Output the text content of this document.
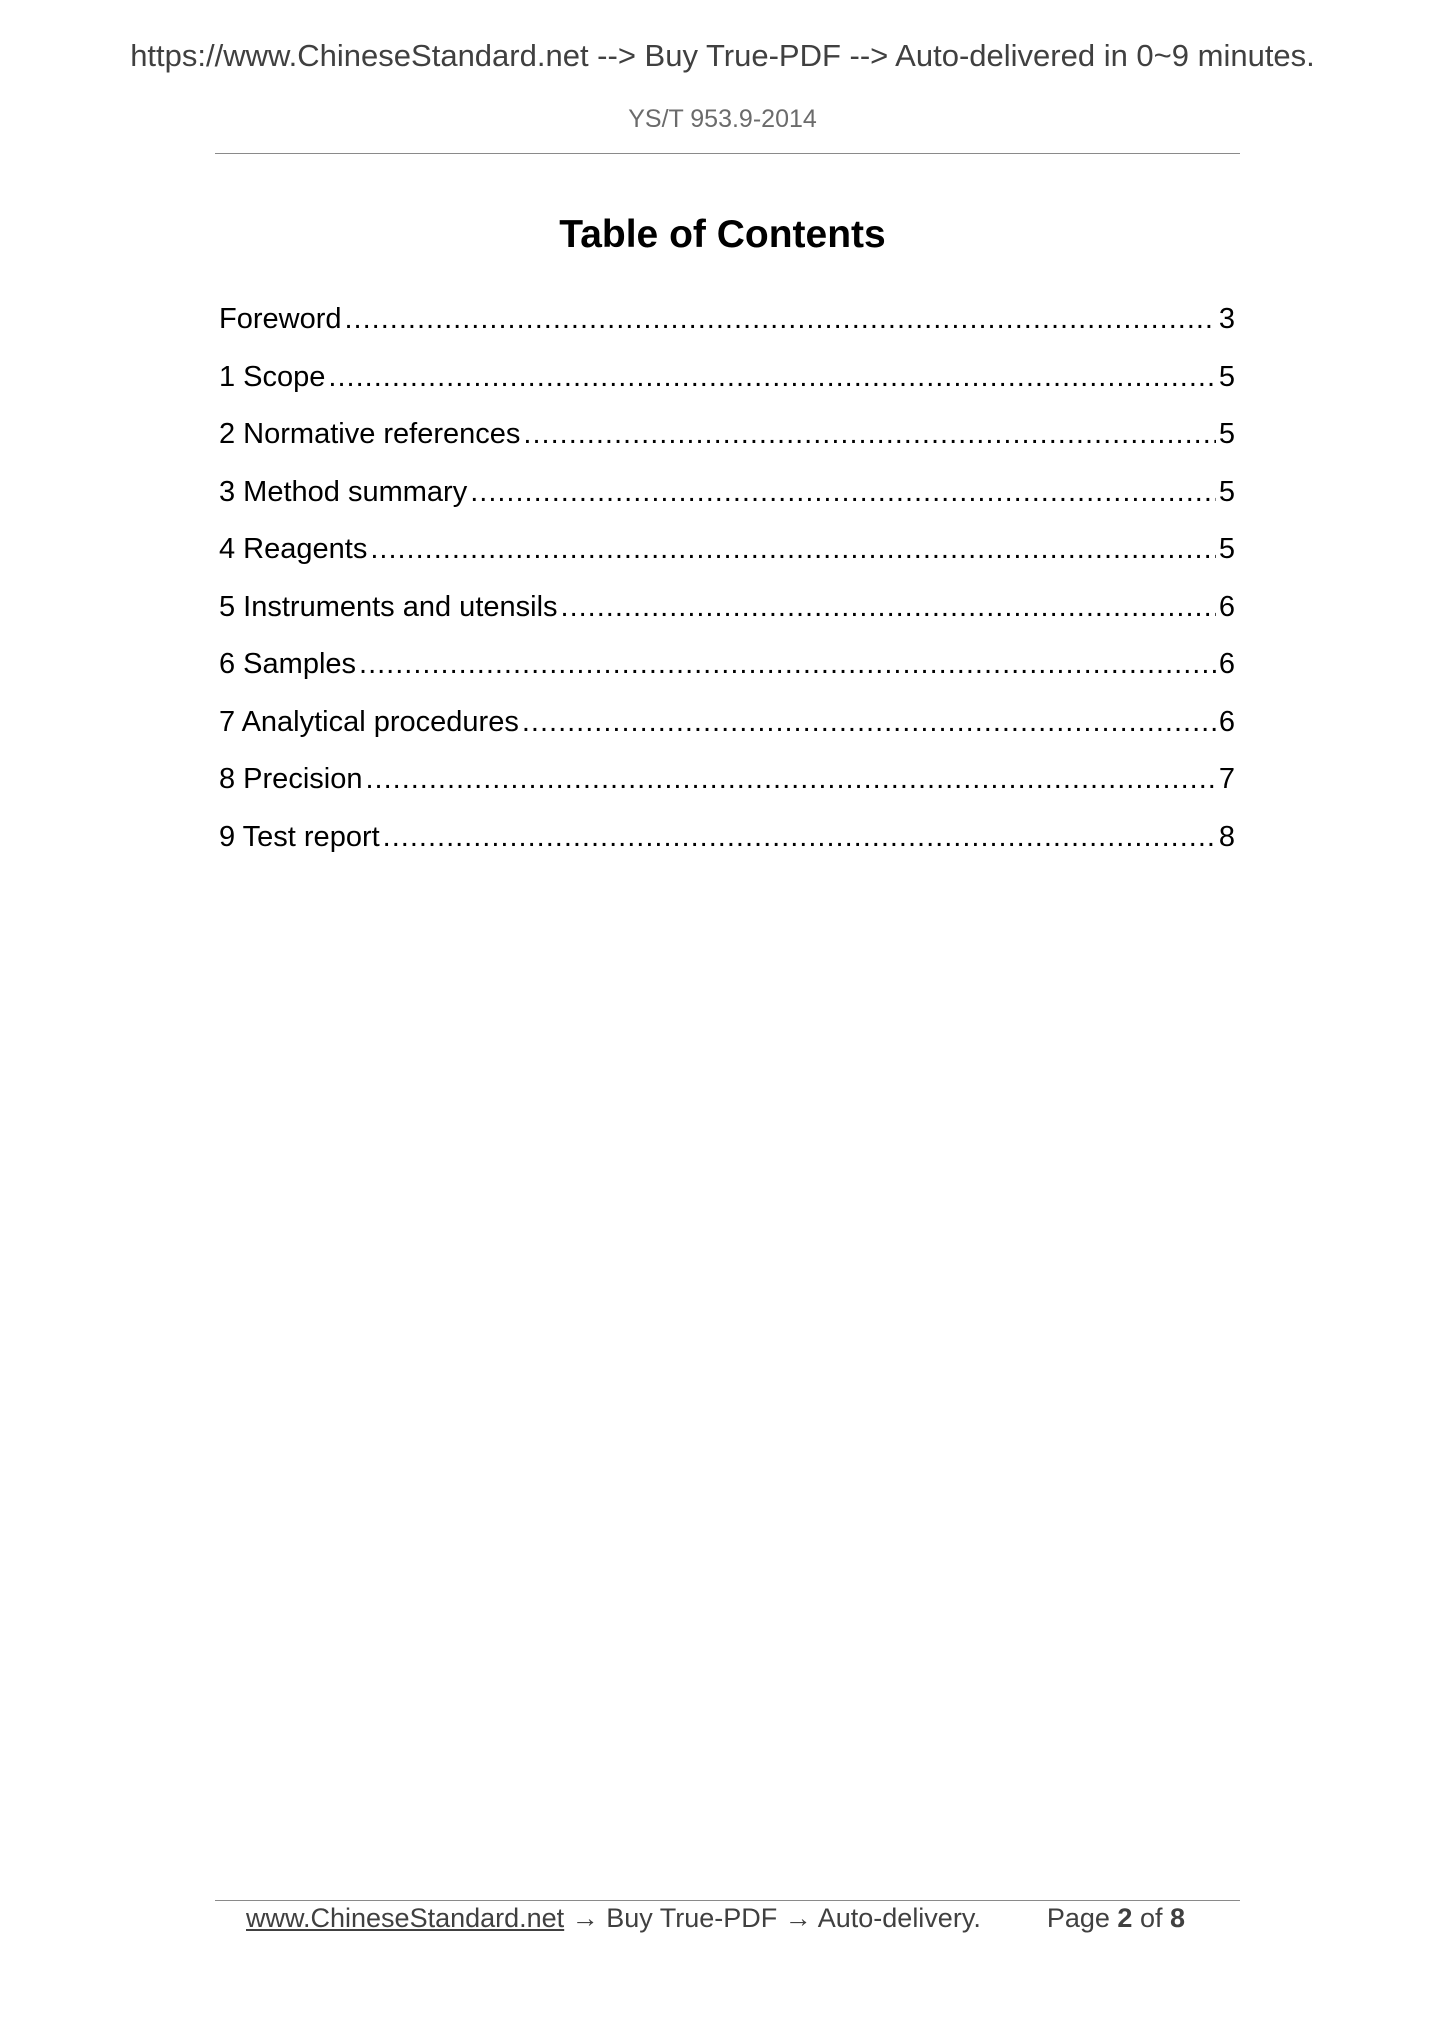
https://www.ChineseStandard.net --> Buy True-PDF --> Auto-delivered in 0~9 minutes.
YS/T 953.9-2014
Table of Contents
Foreword .....	3
1 Scope .....	5
2 Normative references .....	5
3 Method summary .....	5
4 Reagents .....	5
5 Instruments and utensils .....	6
6 Samples .....	6
7 Analytical procedures .....	6
8 Precision .....	7
9 Test report .....	8
www.ChineseStandard.net → Buy True-PDF → Auto-delivery. Page 2 of 8
